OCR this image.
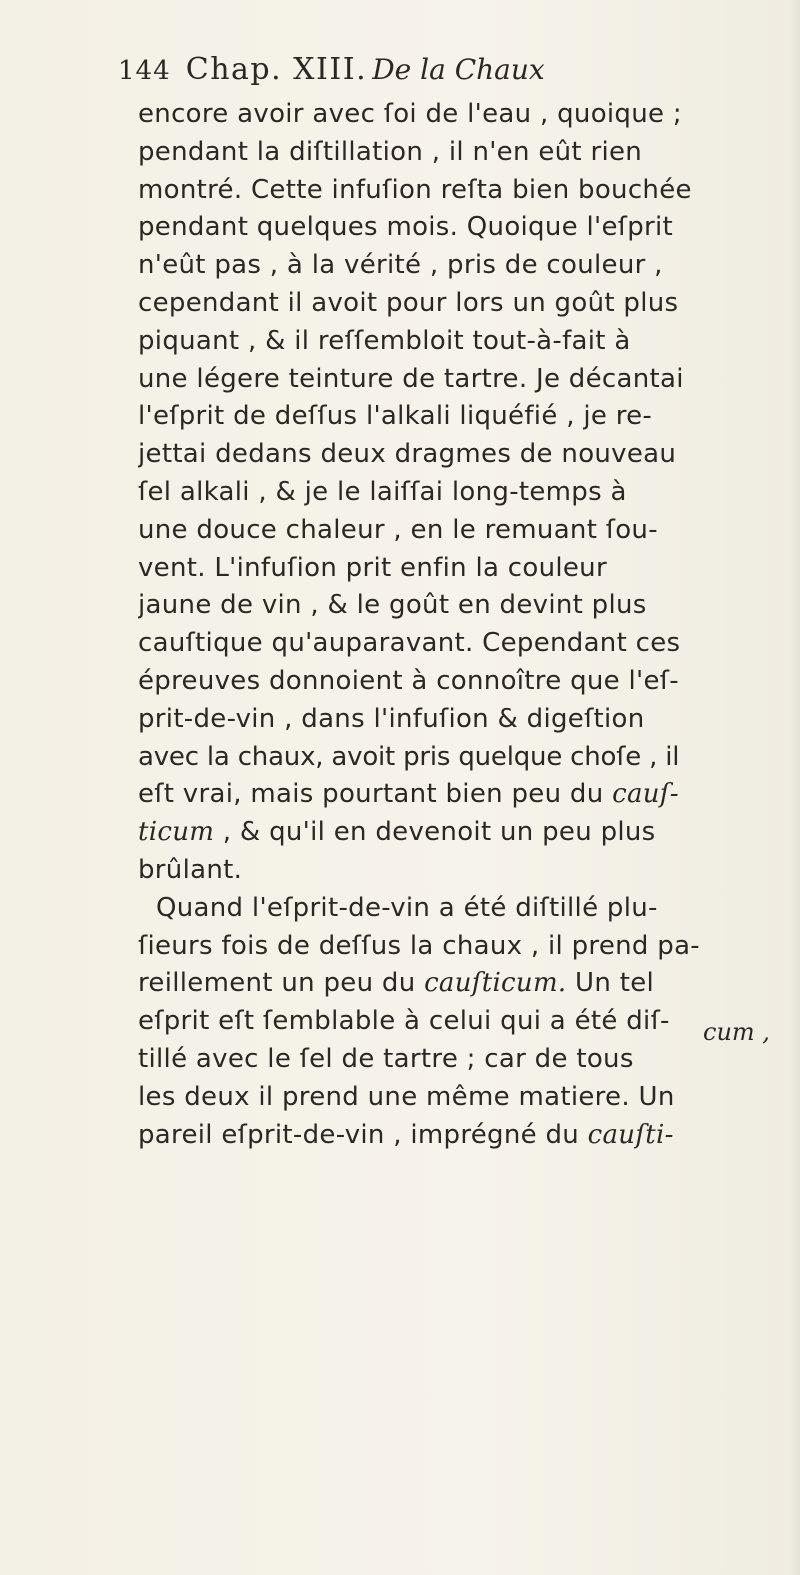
144 Chap. XIII. De la Chaux
encore avoir avec ſoi de l'eau , quoique ;
pendant la diſtillation , il n'en eût rien
montré. Cette infuſion reſta bien bouchée
pendant quelques mois. Quoique l'eſprit
n'eût pas , à la vérité , pris de couleur ,
cependant il avoit pour lors un goût plus
piquant , & il reſſembloit tout-à-fait à
une légere teinture de tartre. Je décantai
l'eſprit de deſſus l'alkali liquéfié , je re-
jettai dedans deux dragmes de nouveau
ſel alkali , & je le laiſſai long-temps à
une douce chaleur , en le remuant ſou-
vent. L'infuſion prit enfin la couleur
jaune de vin , & le goût en devint plus
cauſtique qu'auparavant. Cependant ces
épreuves donnoient à connoître que l'eſ-
prit-de-vin , dans l'infuſion & digeſtion
avec la chaux, avoit pris quelque choſe , il
eſt vrai, mais pourtant bien peu du cauſ-
ticum , & qu'il en devenoit un peu plus
brûlant.
Quand l'eſprit-de-vin a été diſtillé plu-
ſieurs fois de deſſus la chaux , il prend pa-
reillement un peu du cauſticum. Un tel
eſprit eſt ſemblable à celui qui a été diſ-
tillé avec le ſel de tartre ; car de tous
les deux il prend une même matiere. Un
pareil eſprit-de-vin , imprégné du cauſti-
cum ,
